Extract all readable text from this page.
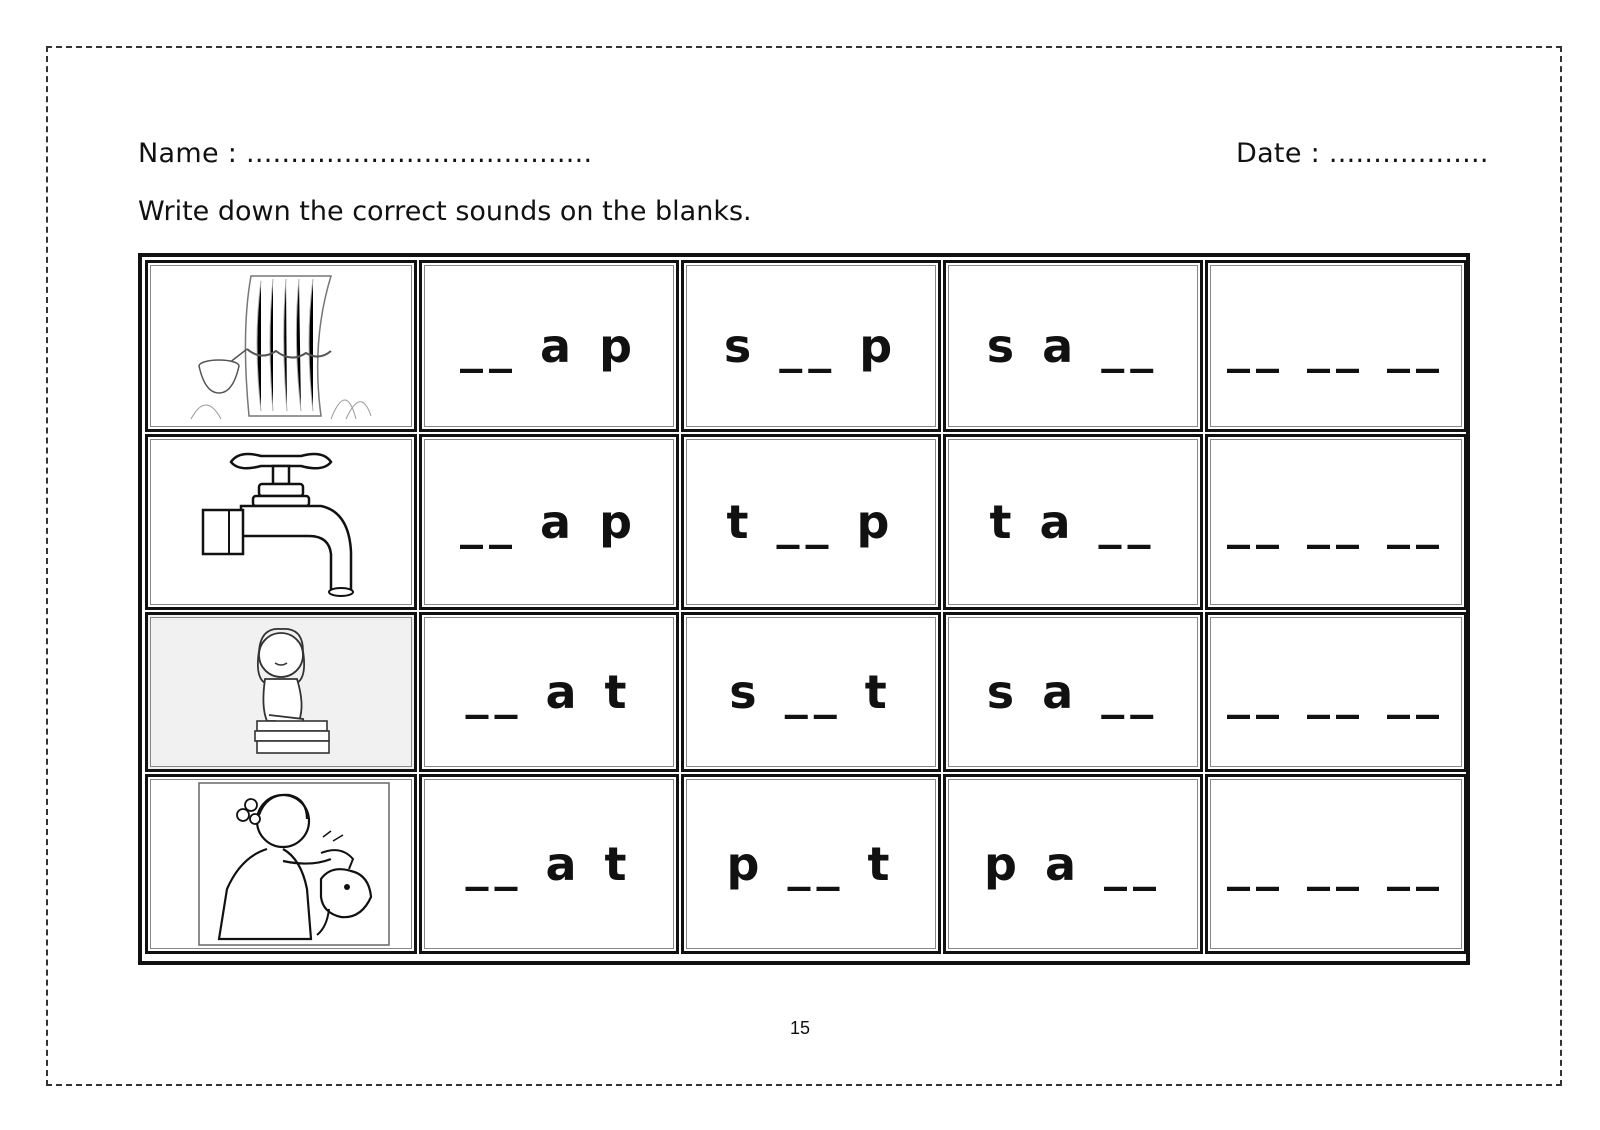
Name : .......................................	Date : ..................
Write down the correct sounds on the blanks.
__ a p s __ p s a __ __ __ __
__ a p t __ p t a __ __ __ __
__ a t s __ t s a __ __ __ __
__ a t p __ t p a __ __ __ __
15
